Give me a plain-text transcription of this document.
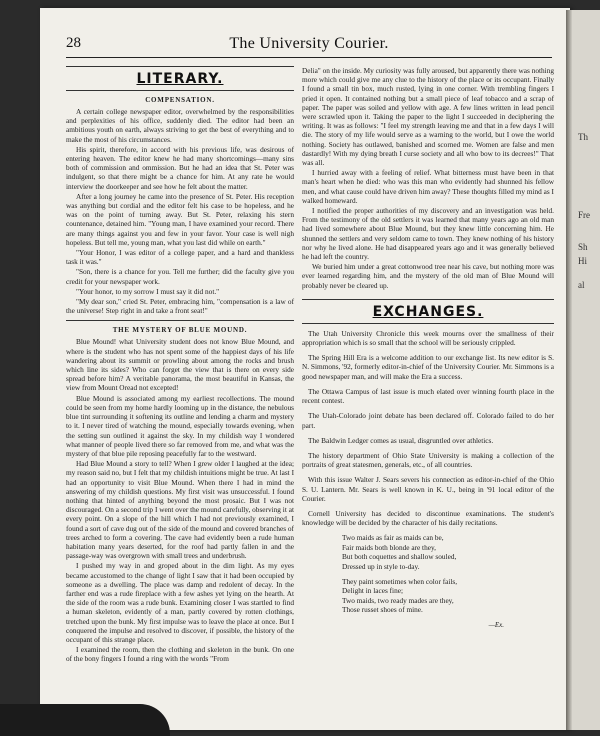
28	The University Courier.
LITERARY.
COMPENSATION.

A certain college newspaper editor, overwhelmed by the responsibilities and perplexities of his office, suddenly died. The editor had been an ambitious youth on earth, always striving to get the best of everything and to make the most of his circumstances.

His spirit, therefore, in accord with his previous life, was desirous of entering heaven. The editor knew he had many shortcomings—many sins both of commission and ommission. But he had an idea that St. Peter was indulgent, so that there might be a chance for him. At any rate he would interview the doorkeeper and see how he felt about the matter.

After a long journey he came into the presence of St. Peter. His reception was anything but cordial and the editor felt his case to be hopeless, and he was on the point of turning away. But St. Peter, relaxing his stern countenance, detained him. "Young man, I have examined your record. There are many things against you and few in your favor. Your case is well nigh hopeless. But tell me, young man, what you last did while on earth."

"Your Honor, I was editor of a college paper, and a hard and thankless task it was."

"Son, there is a chance for you. Tell me further; did the faculty give you credit for your newspaper work.

"Your honor, to my sorrow I must say it did not."

"My dear son," cried St. Peter, embracing him, "compensation is a law of the universe! Step right in and take a front seat!"

THE MYSTERY OF BLUE MOUND.

Blue Mound! what University student does not know Blue Mound, and where is the student who has not spent some of the happiest days of his life wandering about its summit or prowling about among the rocks and brush which line its sides? Who can forget the view that is there on every side spread before him? A veritable panorama, the most beautiful in Kansas, the view from Mount Oread not excepted!

Blue Mound is associated among my earliest recollections. The mound could be seen from my home hardly looming up in the distance, the nebulous blue tint surrounding it softening its outline and lending a charm and mystery to it. I never tired of watching the mound, especially towards evening, when the setting sun outlined it against the sky. In my childish way I wondered what manner of people lived there so far removed from me, and what was the mystery of that blue pile reposing peacefully far to the westward.

Had Blue Mound a story to tell? When I grew older I laughed at the idea; my reason said no, but I felt that my childish intuitions might be true. At last I had an opportunity to visit Blue Mound. When there I had in mind the answering of my childish questions. My first visit was unsuccessful. I found nothing that hinted of anything beyond the most prosaic. But I was not discouraged. On a second trip I went over the mound carefully, observing it at every point. On a slope of the hill which I had not previously examined, I found a sort of cave dug out of the side of the mound and covered branches of trees arched to form a covering. The cave had evidently been a rude human habitation many years deserted, for the roof had partly fallen in and the passage-way was overgrown with small trees and underbrush.

I pushed my way in and groped about in the dim light. As my eyes became accustomed to the change of light I saw that it had been occupied by someone as a dwelling. The place was damp and redolent of decay. In the farther end was a rude fireplace with a few ashes yet lying on the hearth. At the side of the room was a rude bunk. Examining closer I was startled to find a human skeleton, evidently of a man, partly covered by rotten clothings, tretched upon the bunk. My first impulse was to leave the place at once. But I conquered the impulse and resolved to discover, if possible, the history of the occupant of this strange place.

I examined the room, then the clothing and skeleton in the bunk. On one of the bony fingers I found a ring with the words "From

Delia" on the inside. My curiosity was fully aroused, but apparently there was nothing more which could give me any clue to the history of the place or its occupant. Finally I found a small tin box, much rusted, lying in one corner. With trembling fingers I pried it open. It contained nothing but a small piece of leaf tobacco and a scrap of paper. The paper was soiled and yellow with age. A few lines written in lead pencil were scrawled upon it. Taking the paper to the light I succeeded in deciphering the writing. It was as follows: "I feel my strength leaving me and that in a few days I will die. The story of my life would serve as a warning to the world, but I owe the world nothing. Society has outlawed, banished and scorned me. Women are false and men dastardly! With my dying breath I curse society and all who bow to its decrees!" That was all.

I hurried away with a feeling of relief. What bitterness must have been in that man's heart when he died: who was this man who evidently had shunned his fellow men, and what cause could have driven him away? These thoughts filled my mind as I walked homeward.

I notified the proper authorities of my discovery and an investigation was held. From the testimony of the old settlers it was learned that many years ago an old man had lived somewhere about Blue Mound, but they knew little concerning him. He shunned the settlers and very seldom came to town. They knew nothing of his history nor why he lived alone. He had disappeared years ago and it was generally believed he had left the country.

We buried him under a great cottonwood tree near his cave, but nothing more was ever learned regarding him, and the mystery of the old man of Blue Mound will probably never be cleared up.

EXCHANGES.

The Utah University Chronicle this week mourns over the smallness of their appropriation which is so small that the school will be seriously crippled.

The Spring Hill Era is a welcome addition to our exchange list. Its new editor is S. N. Simmons, '92, formerly editor-in-chief of the University Courier. Mr. Simmons is a good newspaper man, and will make the Era a success.

The Ottawa Campus of last issue is much elated over winning fourth place in the recent contest.

The Utah-Colorado joint debate has been declared off. Colorado failed to do her part.

The Baldwin Ledger comes as usual, disgruntled over athletics.

The history department of Ohio State University is making a collection of the portraits of great statesmen, generals, etc., of all countries.

With this issue Walter J. Sears severs his connection as editor-in-chief of the Ohio S. U. Lantern. Mr. Sears is well known in K. U., being in '91 local editor of the Courier.

Cornell University has decided to discontinue examinations. The student's knowledge will be decided by the character of his daily recitations.

Two maids as fair as maids can be,
Fair maids both blonde are they,
But both coquettes and shallow souled,
Dressed up in style to-day.
They paint sometimes when color fails,
Delight in laces fine;
Two maids, two ready mades are they,
Those russet shoes of mine.
—Ex.
Th
Fre
Sh
Hi
al
